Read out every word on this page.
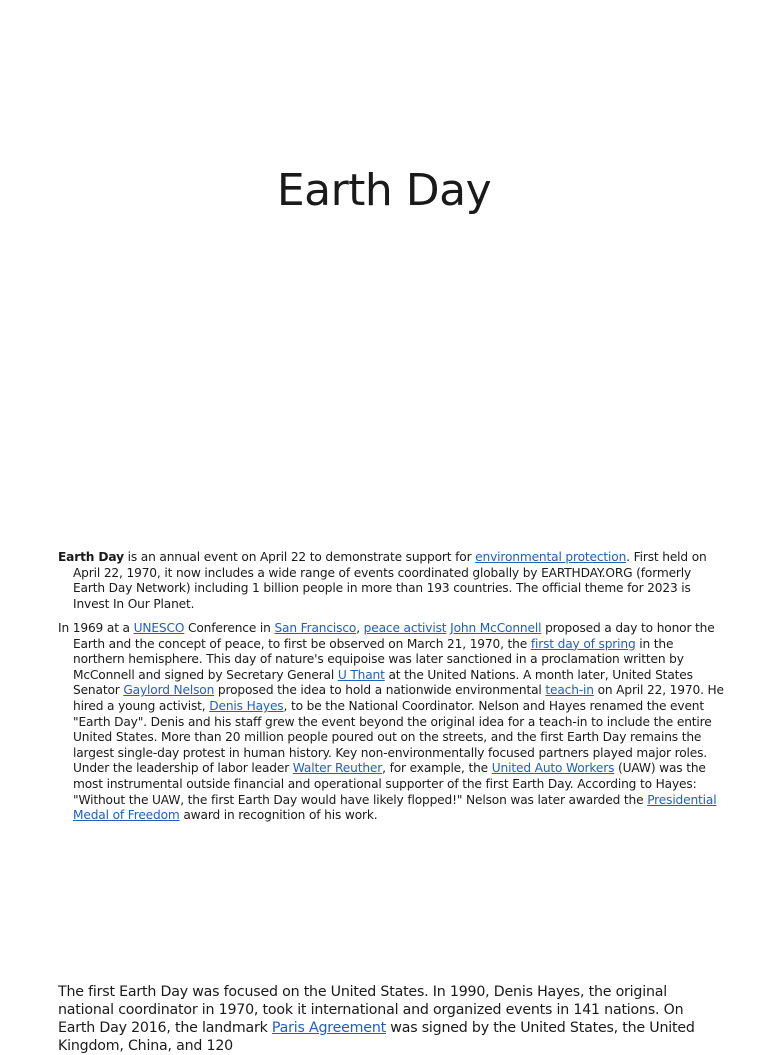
Earth Day
Earth Day is an annual event on April 22 to demonstrate support for environmental protection. First held on April 22, 1970, it now includes a wide range of events coordinated globally by EARTHDAY.ORG (formerly Earth Day Network) including 1 billion people in more than 193 countries. The official theme for 2023 is Invest In Our Planet.
In 1969 at a UNESCO Conference in San Francisco, peace activist John McConnell proposed a day to honor the Earth and the concept of peace, to first be observed on March 21, 1970, the first day of spring in the northern hemisphere. This day of nature's equipoise was later sanctioned in a proclamation written by McConnell and signed by Secretary General U Thant at the United Nations. A month later, United States Senator Gaylord Nelson proposed the idea to hold a nationwide environmental teach-in on April 22, 1970. He hired a young activist, Denis Hayes, to be the National Coordinator. Nelson and Hayes renamed the event "Earth Day". Denis and his staff grew the event beyond the original idea for a teach-in to include the entire United States. More than 20 million people poured out on the streets, and the first Earth Day remains the largest single-day protest in human history. Key non-environmentally focused partners played major roles. Under the leadership of labor leader Walter Reuther, for example, the United Auto Workers (UAW) was the most instrumental outside financial and operational supporter of the first Earth Day. According to Hayes: "Without the UAW, the first Earth Day would have likely flopped!" Nelson was later awarded the Presidential Medal of Freedom award in recognition of his work.
The first Earth Day was focused on the United States. In 1990, Denis Hayes, the original national coordinator in 1970, took it international and organized events in 141 nations. On Earth Day 2016, the landmark Paris Agreement was signed by the United States, the United Kingdom, China, and 120
